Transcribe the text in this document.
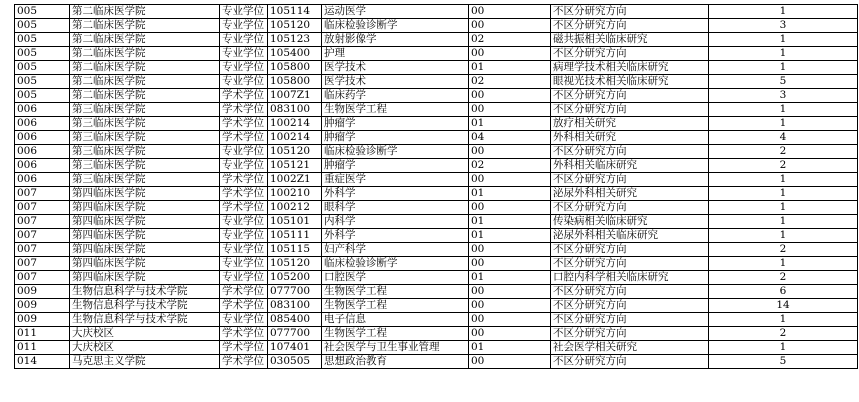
005	第二临床医学院	专业学位	105114	运动医学	00	不区分研究方向	1
005	第二临床医学院	专业学位	105120	临床检验诊断学	00	不区分研究方向	3
005	第二临床医学院	专业学位	105123	放射影像学	02	磁共振相关临床研究	1
005	第二临床医学院	专业学位	105400	护理	00	不区分研究方向	1
005	第二临床医学院	专业学位	105800	医学技术	01	病理学技术相关临床研究	1
005	第二临床医学院	专业学位	105800	医学技术	02	眼视光技术相关临床研究	5
005	第二临床医学院	学术学位	1007Z1	临床药学	00	不区分研究方向	3
006	第三临床医学院	学术学位	083100	生物医学工程	00	不区分研究方向	1
006	第三临床医学院	学术学位	100214	肿瘤学	01	放疗相关研究	1
006	第三临床医学院	学术学位	100214	肿瘤学	04	外科相关研究	4
006	第三临床医学院	专业学位	105120	临床检验诊断学	00	不区分研究方向	2
006	第三临床医学院	专业学位	105121	肿瘤学	02	外科相关临床研究	2
006	第三临床医学院	学术学位	1002Z1	重症医学	00	不区分研究方向	1
007	第四临床医学院	学术学位	100210	外科学	01	泌尿外科相关研究	1
007	第四临床医学院	学术学位	100212	眼科学	00	不区分研究方向	1
007	第四临床医学院	专业学位	105101	内科学	01	传染病相关临床研究	1
007	第四临床医学院	专业学位	105111	外科学	01	泌尿外科相关临床研究	1
007	第四临床医学院	专业学位	105115	妇产科学	00	不区分研究方向	2
007	第四临床医学院	专业学位	105120	临床检验诊断学	00	不区分研究方向	1
007	第四临床医学院	专业学位	105200	口腔医学	01	口腔内科学相关临床研究	2
009	生物信息科学与技术学院	学术学位	077700	生物医学工程	00	不区分研究方向	6
009	生物信息科学与技术学院	学术学位	083100	生物医学工程	00	不区分研究方向	14
009	生物信息科学与技术学院	专业学位	085400	电子信息	00	不区分研究方向	1
011	大庆校区	学术学位	077700	生物医学工程	00	不区分研究方向	2
011	大庆校区	学术学位	107401	社会医学与卫生事业管理	01	社会医学相关研究	1
014	马克思主义学院	学术学位	030505	思想政治教育	00	不区分研究方向	5
